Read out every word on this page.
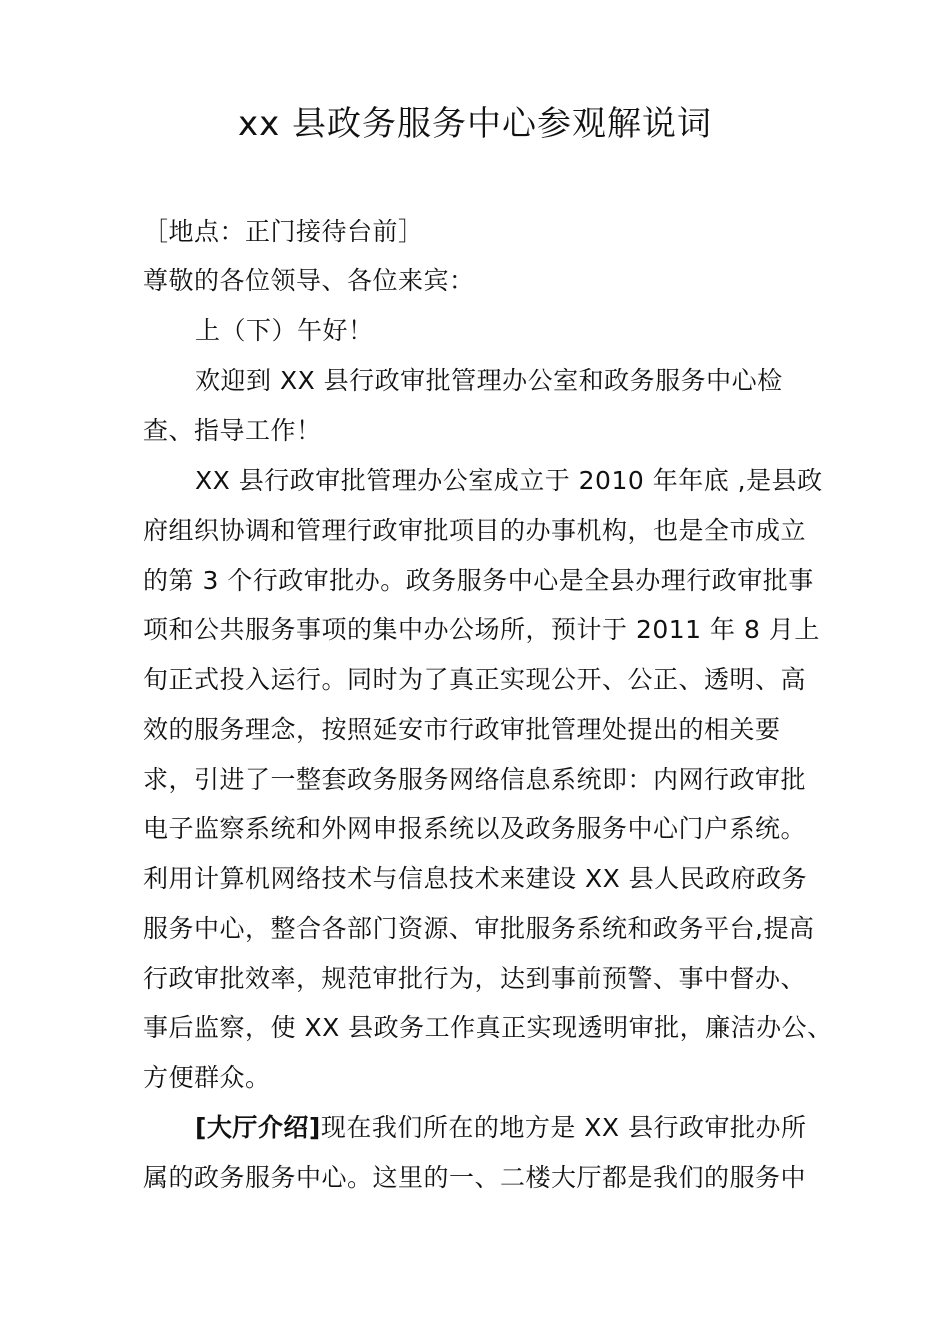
xx 县政务服务中心参观解说词
［地点：正门接待台前］
尊敬的各位领导、各位来宾：
上（下）午好！
欢迎到 XX 县行政审批管理办公室和政务服务中心检
查、指导工作！
XX 县行政审批管理办公室成立于 2010 年年底 ,是县政
府组织协调和管理行政审批项目的办事机构，也是全市成立
的第 3 个行政审批办。政务服务中心是全县办理行政审批事
项和公共服务事项的集中办公场所，预计于 2011 年 8 月上
旬正式投入运行。同时为了真正实现公开、公正、透明、高
效的服务理念，按照延安市行政审批管理处提出的相关要
求，引进了一整套政务服务网络信息系统即：内网行政审批
电子监察系统和外网申报系统以及政务服务中心门户系统。
利用计算机网络技术与信息技术来建设 XX 县人民政府政务
服务中心，整合各部门资源、审批服务系统和政务平台,提高
行政审批效率，规范审批行为，达到事前预警、事中督办、
事后监察，使 XX 县政务工作真正实现透明审批，廉洁办公、
方便群众。
[大厅介绍]现在我们所在的地方是 XX 县行政审批办所
属的政务服务中心。这里的一、二楼大厅都是我们的服务中
